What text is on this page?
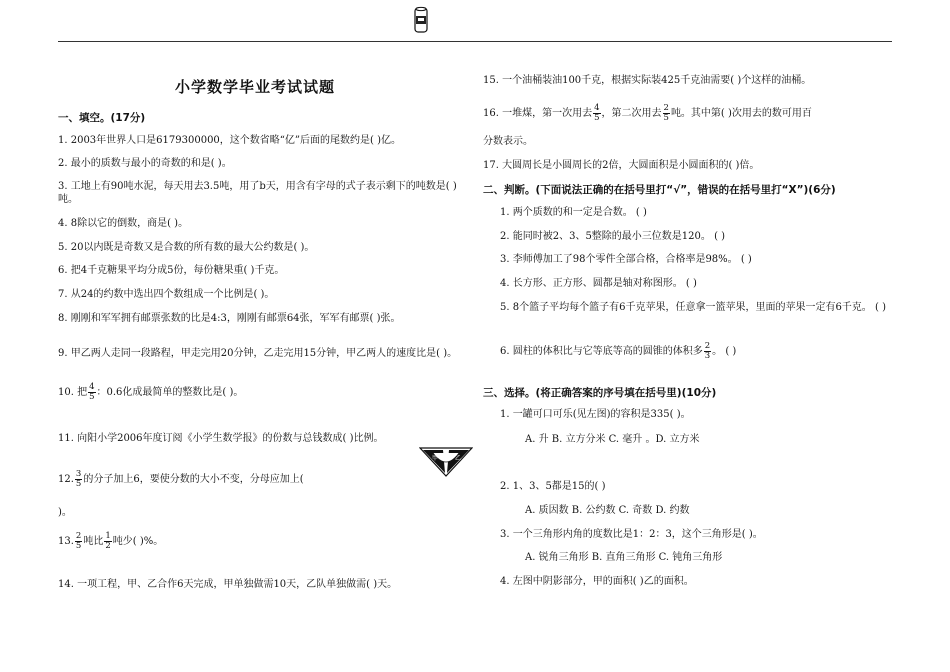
小学数学毕业考试试题
一、填空。(17分)
1. 2003年世界人口是6179300000，这个数省略“亿”后面的尾数约是( )亿。
2. 最小的质数与最小的奇数的和是( )。
3. 工地上有90吨水泥，每天用去3.5吨，用了b天，用含有字母的式子表示剩下的吨数是( )吨。
4. 8除以它的倒数，商是( )。
5. 20以内既是奇数又是合数的所有数的最大公约数是( )。
6. 把4千克糖果平均分成5份，每份糖果重( )千克。
7. 从24的约数中选出四个数组成一个比例是( )。
8. 刚刚和军军拥有邮票张数的比是4:3，刚刚有邮票64张，军军有邮票( )张。
9. 甲乙两人走同一段路程，甲走完用20分钟，乙走完用15分钟，甲乙两人的速度比是( )。
10. 把 $\frac{4}{5}$ ：0.6化成最简单的整数比是( )。
11. 向阳小学2006年度订阅《小学生数学报》的份数与总钱数成( )比例。
12. $\frac{3}{5}$ 的分子加上6，要使分数的大小不变，分母应加上(
)。
13. $\frac{2}{5}$ 吨比 $\frac{1}{2}$ 吨少( )%。
14. 一项工程，甲、乙合作6天完成，甲单独做需10天，乙队单独做需( )天。
甲	乙
15. 一个油桶装油100千克，根据实际装425千克油需要( )个这样的油桶。
16. 一堆煤，第一次用去 $\frac{4}{5}$ ，第二次用去 $\frac{2}{5}$ 吨。其中第( )次用去的数可用百
分数表示。
17. 大圆周长是小圆周长的2倍，大圆面积是小圆面积的( )倍。
二、判断。(下面说法正确的在括号里打“√”，错误的在括号里打“X”)(6分)
1. 两个质数的和一定是合数。 ( )
2. 能同时被2、3、5整除的最小三位数是120。 ( )
3. 李师傅加工了98个零件全部合格，合格率是98%。 ( )
4. 长方形、正方形、圆都是轴对称图形。 ( )
5. 8个篮子平均每个篮子有6千克苹果，任意拿一篮苹果，里面的苹果一定有6千克。 ( )
6. 圆柱的体积比与它等底等高的圆锥的体积多 $\frac{2}{3}$ 。 ( )
三、选择。(将正确答案的序号填在括号里)(10分)
1. 一罐可口可乐(见左图)的容积是335( )。
A. 升 B. 立方分米 C. 毫升 。D. 立方米
2. 1、3、5都是15的( )
A. 质因数 B. 公约数 C. 奇数 D. 约数
3. 一个三角形内角的度数比是1：2：3，这个三角形是( )。
A. 锐角三角形 B. 直角三角形 C. 钝角三角形
4. 左图中阴影部分，甲的面积( )乙的面积。
